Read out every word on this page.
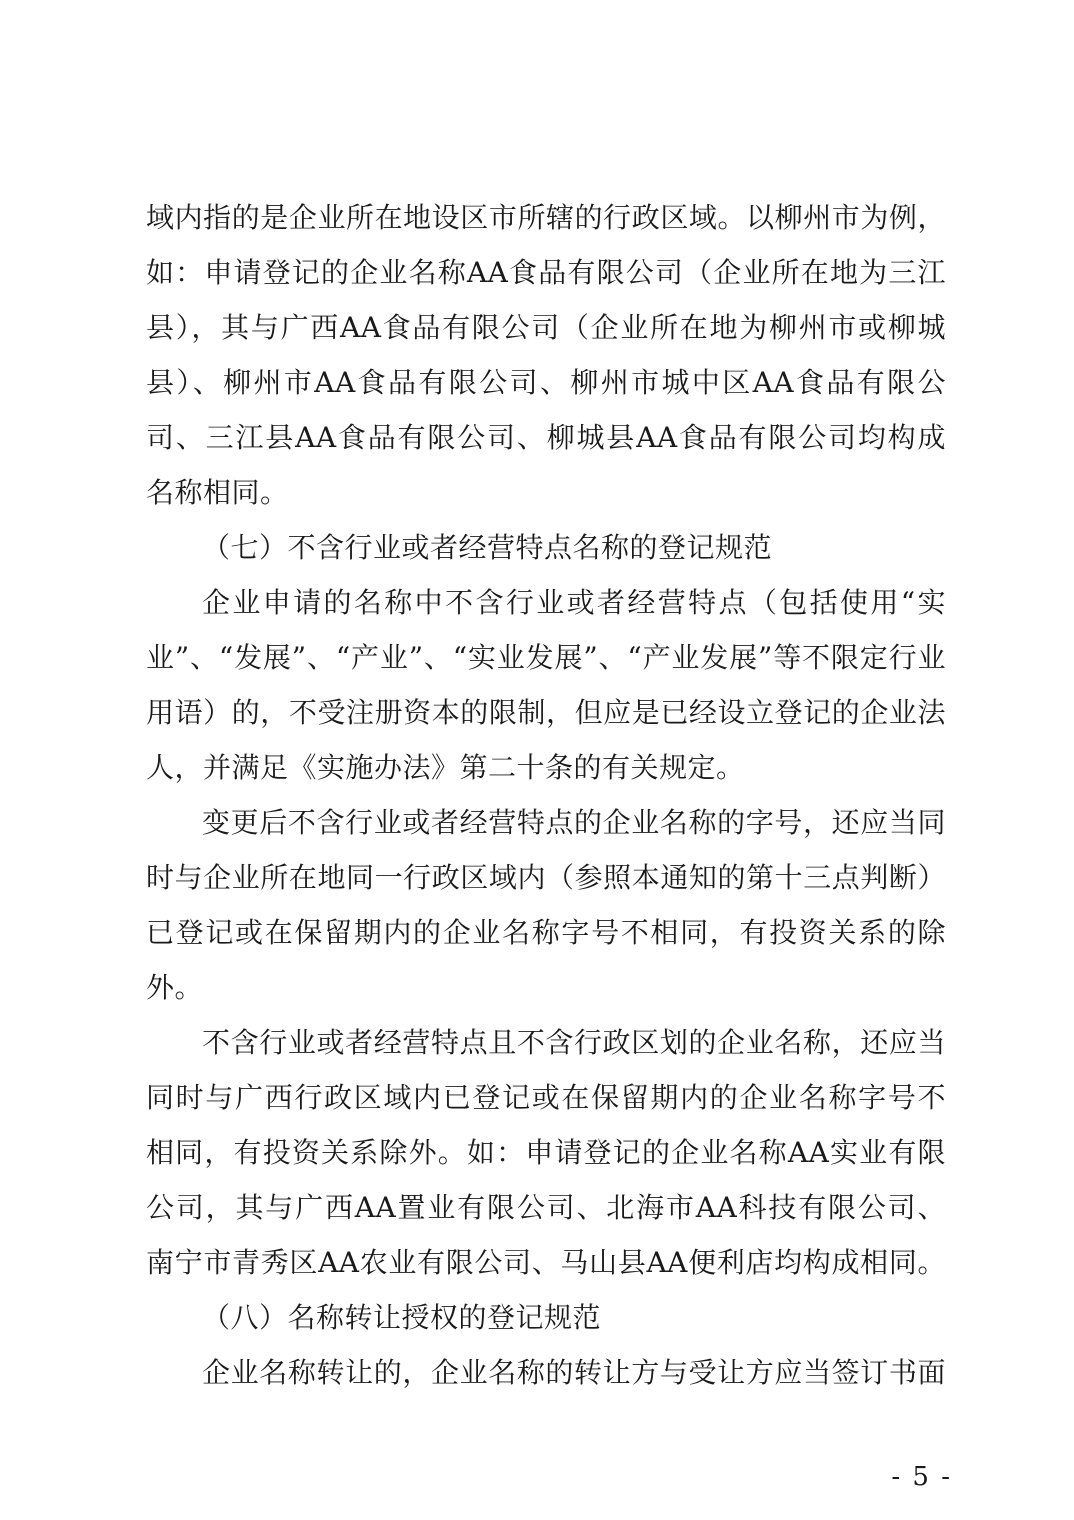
域内指的是企业所在地设区市所辖的行政区域。以柳州市为例，
如：申请登记的企业名称AA食品有限公司（企业所在地为三江
县），其与广西AA食品有限公司（企业所在地为柳州市或柳城
县）、柳州市AA食品有限公司、柳州市城中区AA食品有限公
司、三江县AA食品有限公司、柳城县AA食品有限公司均构成
名称相同。
（七）不含行业或者经营特点名称的登记规范
企业申请的名称中不含行业或者经营特点（包括使用“实
业”、“发展”、“产业”、“实业发展”、“产业发展”等不限定行业
用语）的，不受注册资本的限制，但应是已经设立登记的企业法
人，并满足《实施办法》第二十条的有关规定。
变更后不含行业或者经营特点的企业名称的字号，还应当同
时与企业所在地同一行政区域内（参照本通知的第十三点判断）
已登记或在保留期内的企业名称字号不相同，有投资关系的除
外。
不含行业或者经营特点且不含行政区划的企业名称，还应当
同时与广西行政区域内已登记或在保留期内的企业名称字号不
相同，有投资关系除外。如：申请登记的企业名称AA实业有限
公司，其与广西AA置业有限公司、北海市AA科技有限公司、
南宁市青秀区AA农业有限公司、马山县AA便利店均构成相同。
（八）名称转让授权的登记规范
企业名称转让的，企业名称的转让方与受让方应当签订书面
- 5 -
